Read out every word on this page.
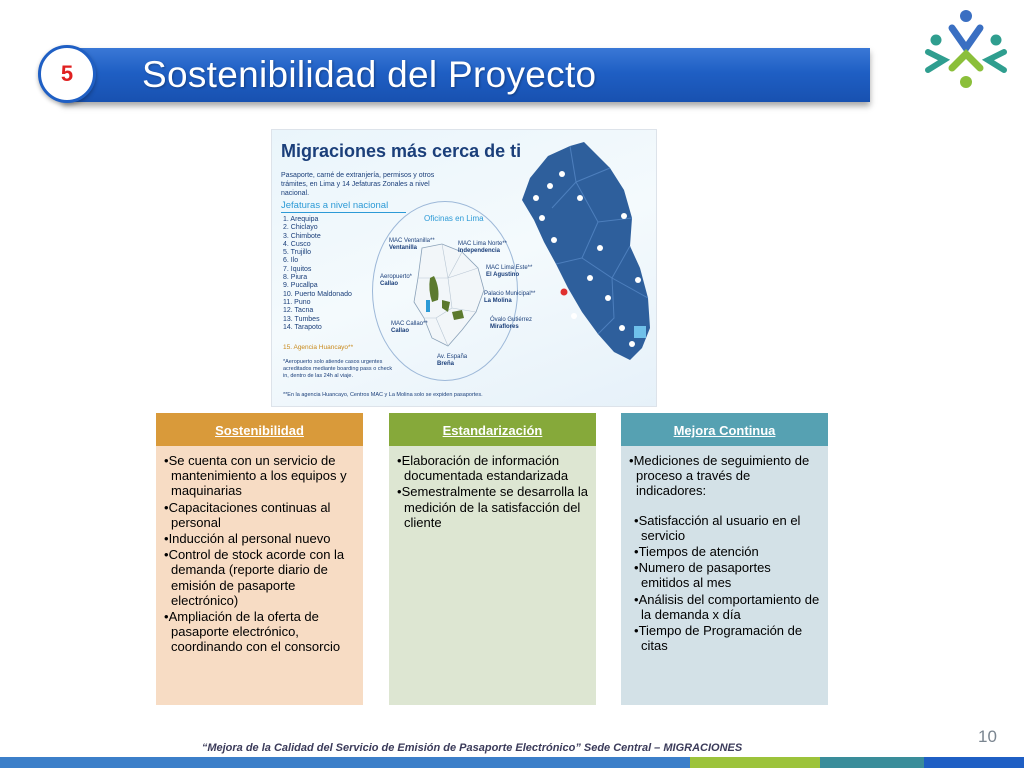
5	Sostenibilidad del Proyecto
Migraciones más cerca de ti
Pasaporte, carné de extranjería, permisos y otros trámites, en Lima y 14 Jefaturas Zonales a nivel nacional.
Jefaturas a nivel nacional
1. Arequipa
2. Chiclayo
3. Chimbote
4. Cusco
5. Trujillo
6. Ilo
7. Iquitos
8. Piura
9. Pucallpa
10. Puerto Maldonado
11. Puno
12. Tacna
13. Tumbes
14. Tarapoto
15. Agencia Huancayo**
*Aeropuerto solo atiende casos urgentes acreditados mediante boarding pass o check in, dentro de las 24h al viaje.
**En la agencia Huancayo, Centros MAC y La Molina solo se expiden pasaportes.
Oficinas en Lima
MAC Ventanilla**
Ventanilla
MAC Lima Norte**
Independencia
MAC Lima Este**
El Agustino
Aeropuerto*
Callao
Palacio Municipal**
La Molina
Óvalo Gutiérrez
Miraflores
MAC Callao**
Callao
Av. España
Breña
Sostenibilidad
• Se cuenta con un servicio de mantenimiento a los equipos y maquinarias
• Capacitaciones continuas al personal
• Inducción al personal nuevo
• Control de stock acorde con la demanda (reporte diario de emisión de pasaporte electrónico)
• Ampliación de la oferta de pasaporte electrónico, coordinando con el consorcio
Estandarización
• Elaboración de información documentada estandarizada
• Semestralmente se desarrolla la medición de la satisfacción del cliente
Mejora Continua
• Mediciones de seguimiento de proceso a través de indicadores:
• Satisfacción al usuario en el servicio
• Tiempos de atención
• Numero de pasaportes emitidos al mes
• Análisis del comportamiento de la demanda x día
• Tiempo de Programación de citas
10
“Mejora de la Calidad del Servicio de Emisión de Pasaporte Electrónico” Sede Central – MIGRACIONES
